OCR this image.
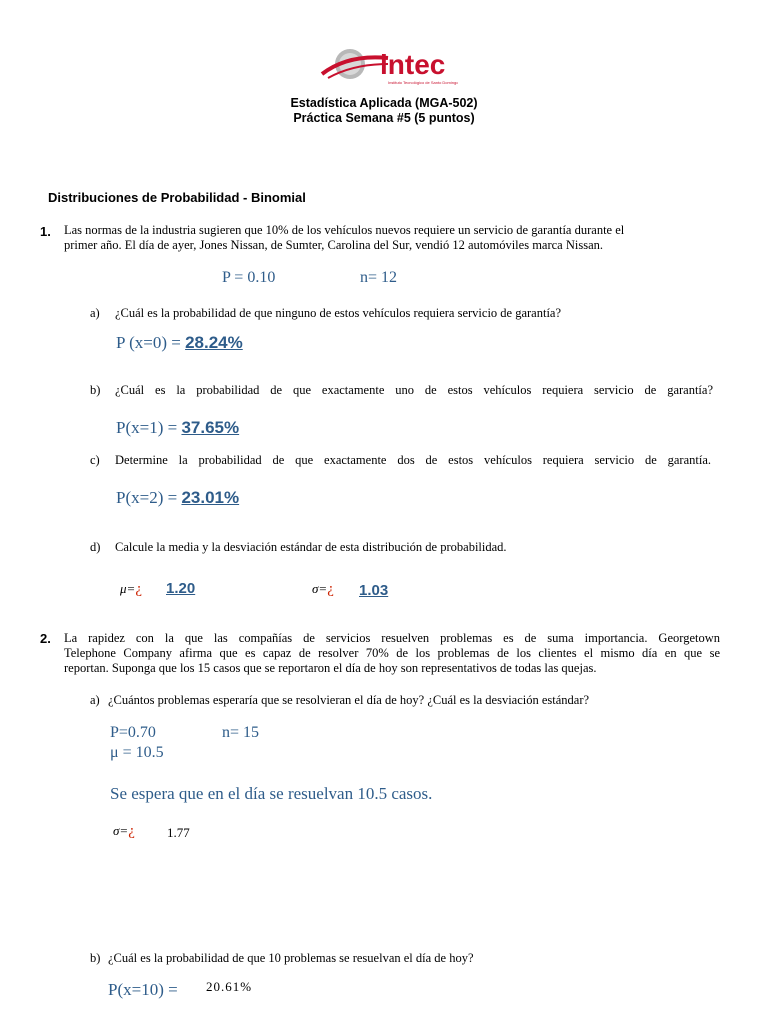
intec
Instituto Tecnológico de Santo Domingo
Estadística Aplicada (MGA-502)
Práctica Semana #5 (5 puntos)
Distribuciones de Probabilidad - Binomial
1. Las normas de la industria sugieren que 10% de los vehículos nuevos requiere un servicio de garantía durante el
primer año. El día de ayer, Jones Nissan, de Sumter, Carolina del Sur, vendió 12 automóviles marca Nissan.
P = 0.10	n= 12
a) ¿Cuál es la probabilidad de que ninguno de estos vehículos requiera servicio de garantía?
P (x=0) = 28.24%
b) ¿Cuál es la probabilidad de que exactamente uno de estos vehículos requiera servicio de garantía?
P(x=1) = 37.65%
c) Determine la probabilidad de que exactamente dos de estos vehículos requiera servicio de garantía.
P(x=2) = 23.01%
d) Calcule la media y la desviación estándar de esta distribución de probabilidad.
μ=¿ 1.20	σ=¿ 1.03
2. La rapidez con la que las compañías de servicios resuelven problemas es de suma importancia. Georgetown
Telephone Company afirma que es capaz de resolver 70% de los problemas de los clientes el mismo día en que se
reportan. Suponga que los 15 casos que se reportaron el día de hoy son representativos de todas las quejas.
a) ¿Cuántos problemas esperaría que se resolvieran el día de hoy? ¿Cuál es la desviación estándar?
P=0.70	n= 15
μ = 10.5
Se espera que en el día se resuelvan 10.5 casos.
σ=¿ 1.77
b) ¿Cuál es la probabilidad de que 10 problemas se resuelvan el día de hoy?
P(x=10) = 20.61%
